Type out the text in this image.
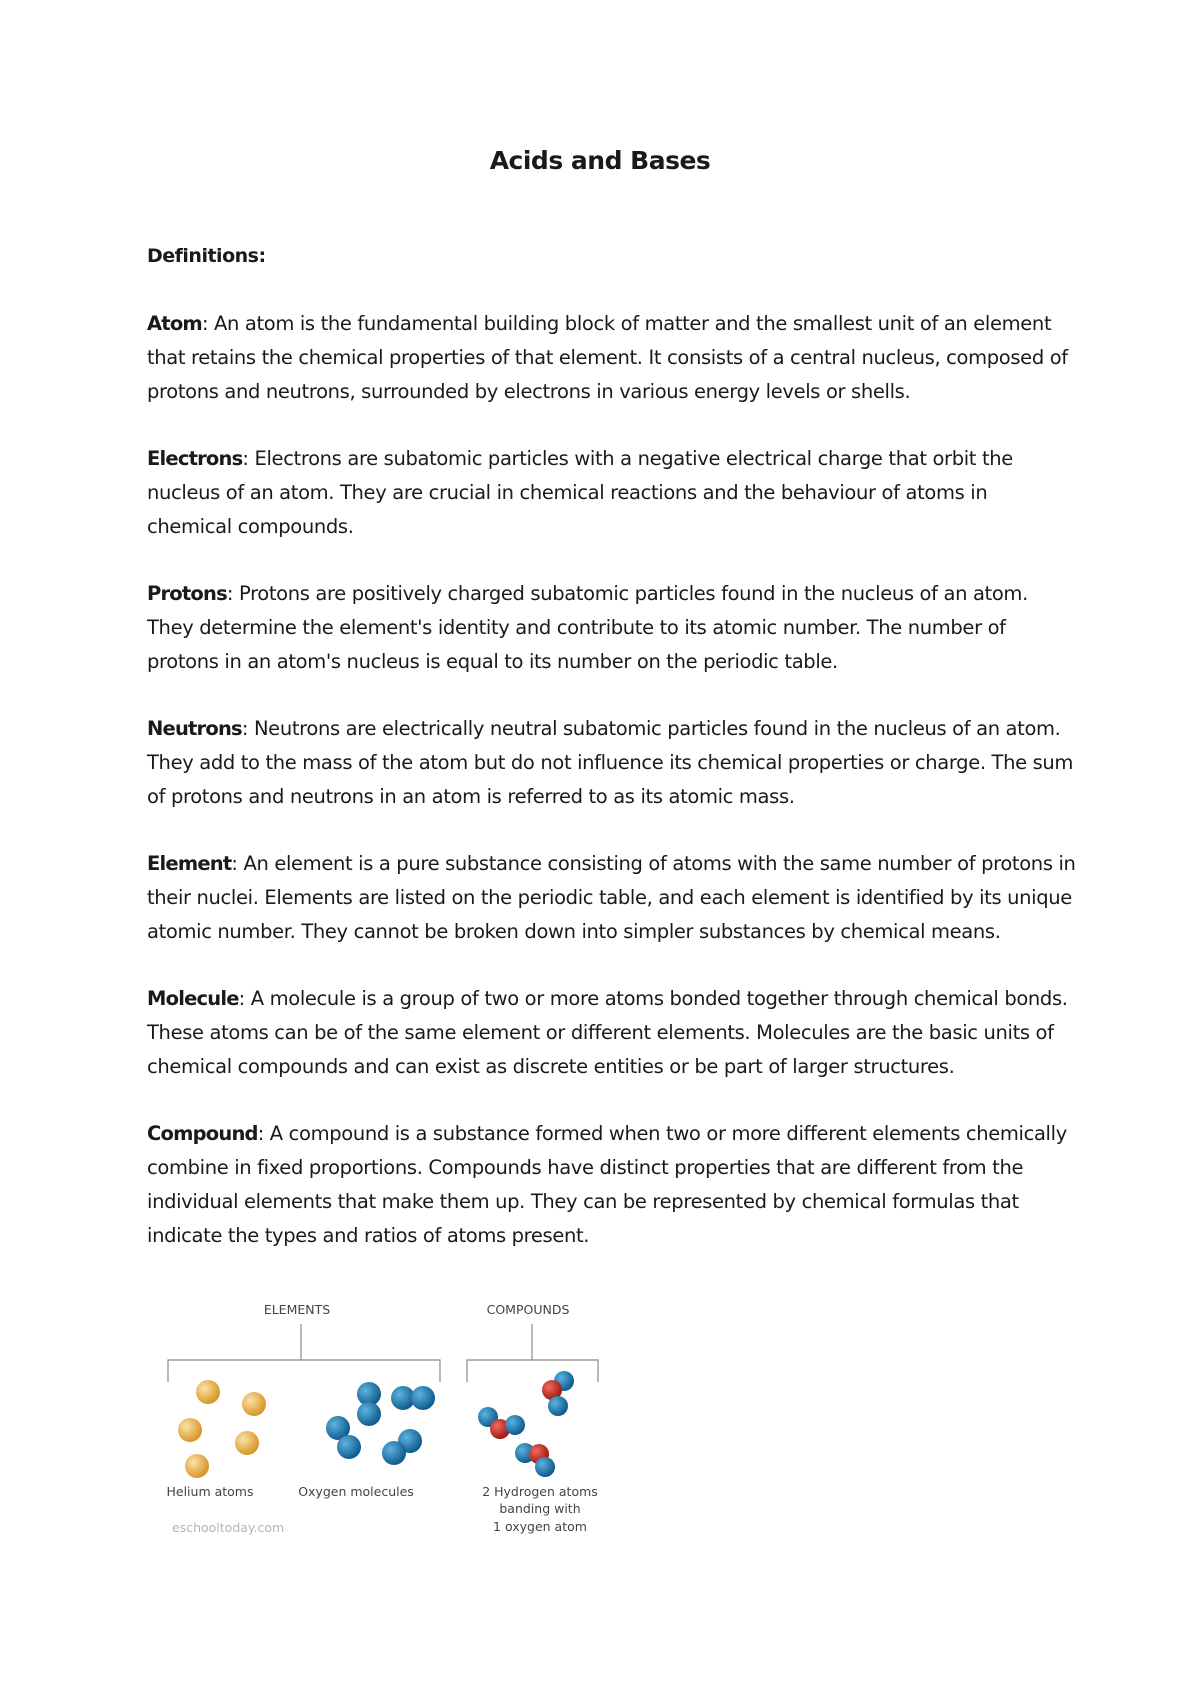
Acids and Bases
Definitions:

Atom: An atom is the fundamental building block of matter and the smallest unit of an element that retains the chemical properties of that element. It consists of a central nucleus, composed of protons and neutrons, surrounded by electrons in various energy levels or shells.

Electrons: Electrons are subatomic particles with a negative electrical charge that orbit the nucleus of an atom. They are crucial in chemical reactions and the behaviour of atoms in chemical compounds.

Protons: Protons are positively charged subatomic particles found in the nucleus of an atom. They determine the element's identity and contribute to its atomic number. The number of protons in an atom's nucleus is equal to its number on the periodic table.

Neutrons: Neutrons are electrically neutral subatomic particles found in the nucleus of an atom. They add to the mass of the atom but do not influence its chemical properties or charge. The sum of protons and neutrons in an atom is referred to as its atomic mass.

Element: An element is a pure substance consisting of atoms with the same number of protons in their nuclei. Elements are listed on the periodic table, and each element is identified by its unique atomic number. They cannot be broken down into simpler substances by chemical means.

Molecule: A molecule is a group of two or more atoms bonded together through chemical bonds. These atoms can be of the same element or different elements. Molecules are the basic units of chemical compounds and can exist as discrete entities or be part of larger structures.

Compound: A compound is a substance formed when two or more different elements chemically combine in fixed proportions. Compounds have distinct properties that are different from the individual elements that make them up. They can be represented by chemical formulas that indicate the types and ratios of atoms present.

ELEMENTS	COMPOUNDS
Helium atoms	Oxygen molecules	2 Hydrogen atoms
banding with
1 oxygen atom
eschooltoday.com
